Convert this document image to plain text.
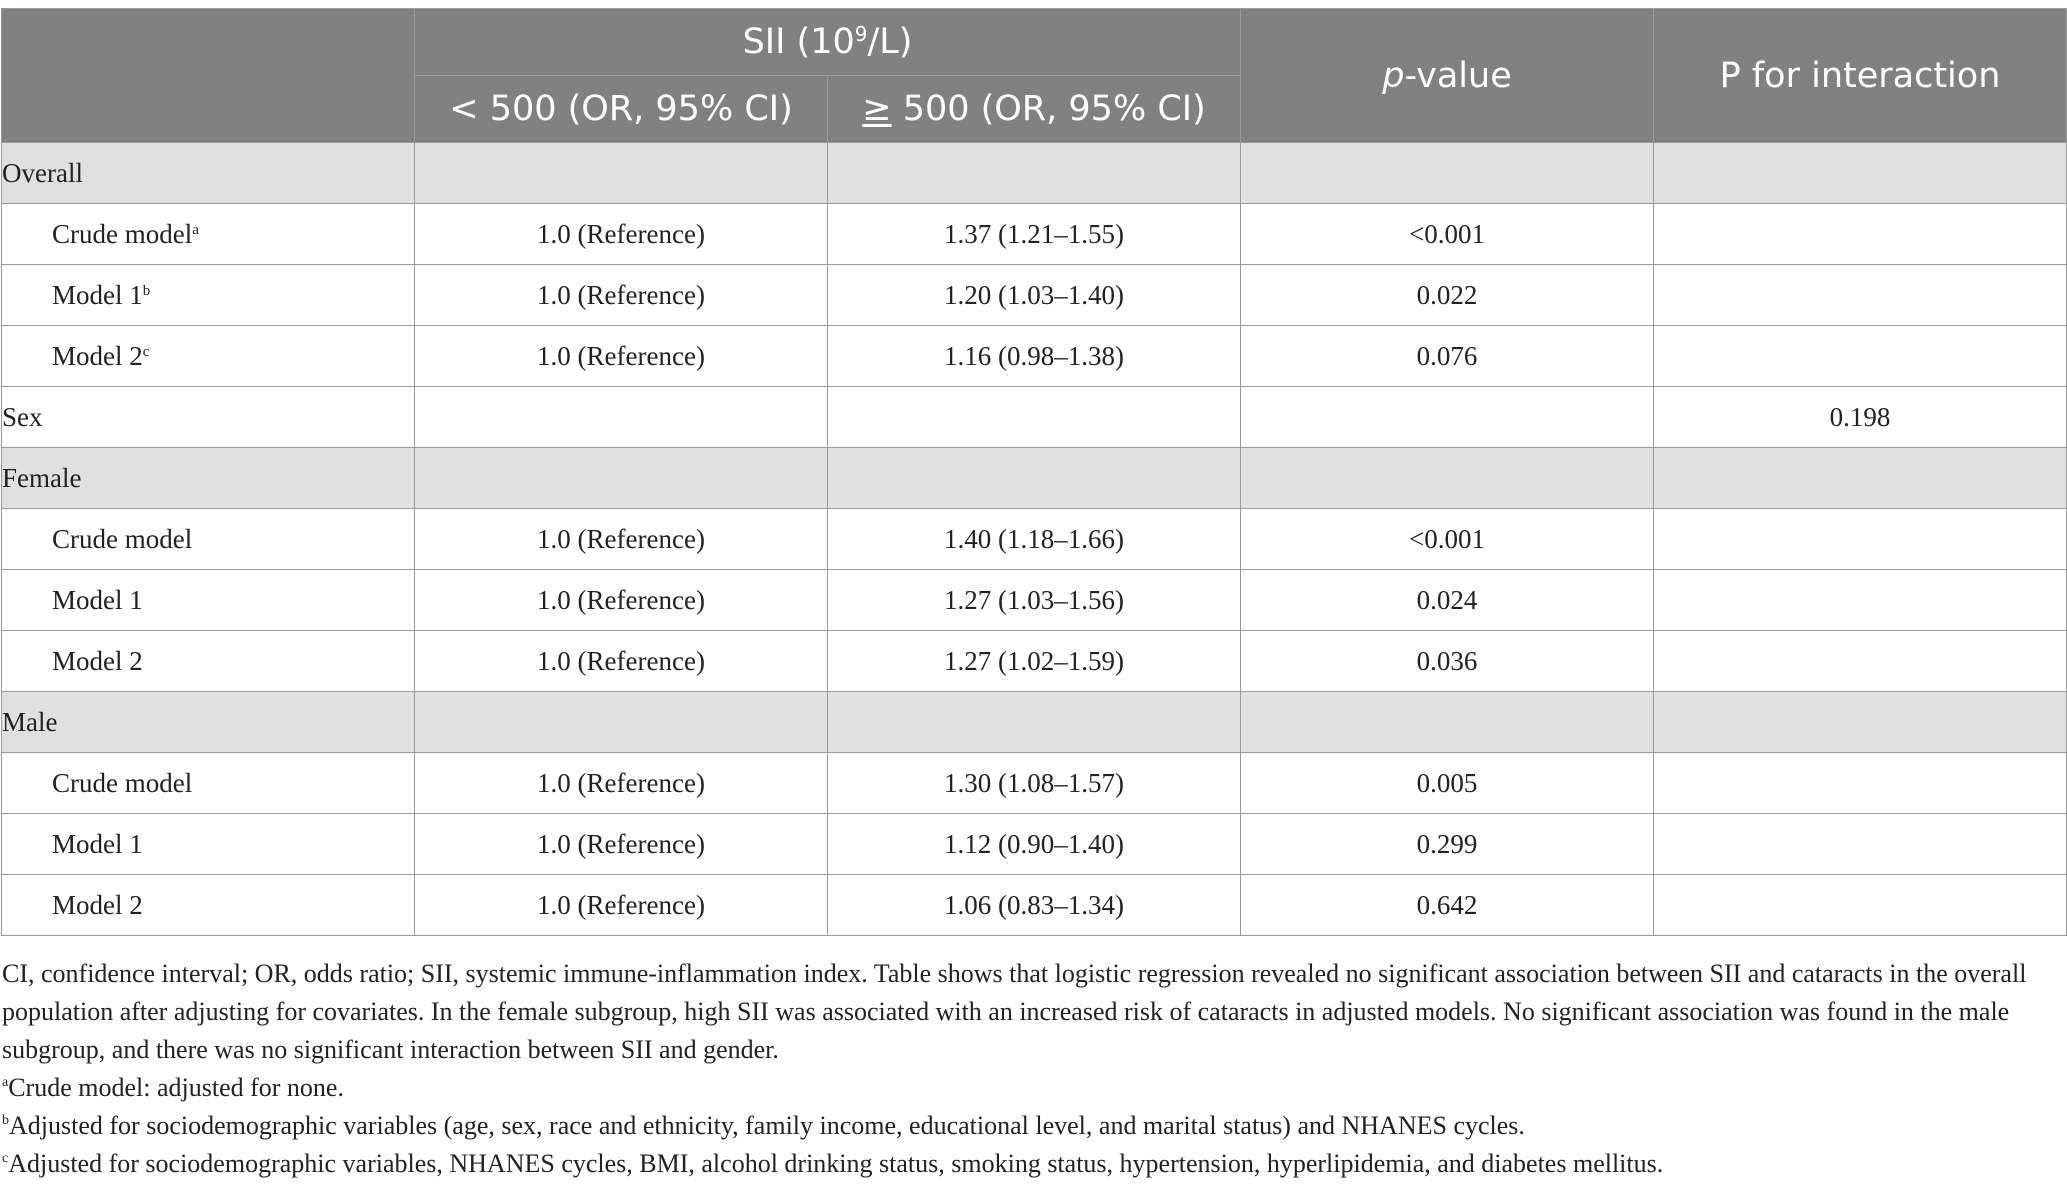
	SII $(10^9/L)$		p-value	P for interaction
	< 500 (OR, 95% CI)	≥ 500 (OR, 95% CI)		
Overall				
Crude model$^a$	1.0 (Reference)	1.37 (1.21–1.55)	<0.001	
Model 1$^b$	1.0 (Reference)	1.20 (1.03–1.40)	0.022	
Model 2$^c$	1.0 (Reference)	1.16 (0.98–1.38)	0.076	
Sex				0.198
Female				
Crude model	1.0 (Reference)	1.40 (1.18–1.66)	<0.001	
Model 1	1.0 (Reference)	1.27 (1.03–1.56)	0.024	
Model 2	1.0 (Reference)	1.27 (1.02–1.59)	0.036	
Male				
Crude model	1.0 (Reference)	1.30 (1.08–1.57)	0.005	
Model 1	1.0 (Reference)	1.12 (0.90–1.40)	0.299	
Model 2	1.0 (Reference)	1.06 (0.83–1.34)	0.642	

CI, confidence interval; OR, odds ratio; SII, systemic immune-inflammation index. Table shows that logistic regression revealed no significant association between SII and cataracts in the overall population after adjusting for covariates. In the female subgroup, high SII was associated with an increased risk of cataracts in adjusted models. No significant association was found in the male subgroup, and there was no significant interaction between SII and gender.

$^a$Crude model: adjusted for none.

$^b$Adjusted for sociodemographic variables (age, sex, race and ethnicity, family income, educational level, and marital status) and NHANES cycles.

$^c$Adjusted for sociodemographic variables, NHANES cycles, BMI, alcohol drinking status, smoking status, hypertension, hyperlipidemia, and diabetes mellitus.
